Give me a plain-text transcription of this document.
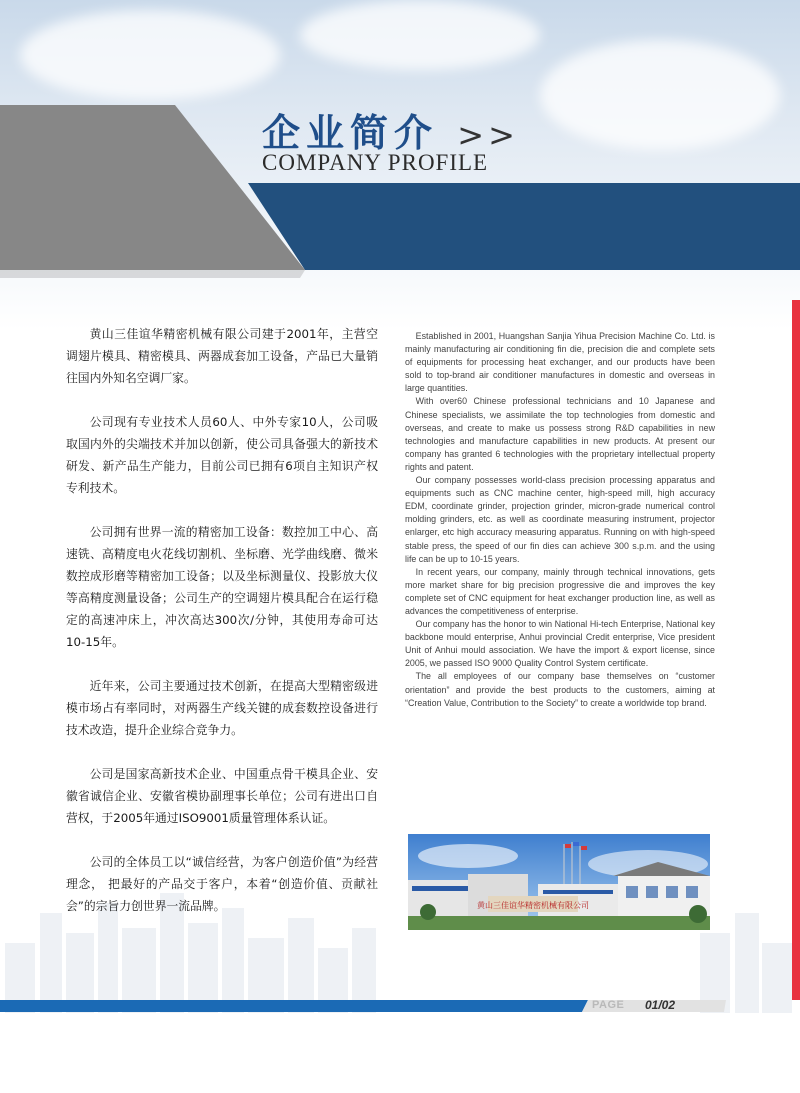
企业简介 >>
COMPANY PROFILE

黄山三佳谊华精密机械有限公司建于2001年，主营空调翅片模具、精密模具、两器成套加工设备，产品已大量销往国内外知名空调厂家。

公司现有专业技术人员60人、中外专家10人，公司吸取国内外的尖端技术并加以创新，使公司具备强大的新技术研发、新产品生产能力，目前公司已拥有6项自主知识产权专利技术。

公司拥有世界一流的精密加工设备：数控加工中心、高速铣、高精度电火花线切割机、坐标磨、光学曲线磨、微米数控成形磨等精密加工设备；以及坐标测量仪、投影放大仪等高精度测量设备；公司生产的空调翅片模具配合在运行稳定的高速冲床上，冲次高达300次/分钟，其使用寿命可达10-15年。

近年来，公司主要通过技术创新，在提高大型精密级进模市场占有率同时，对两器生产线关键的成套数控设备进行技术改造，提升企业综合竞争力。

公司是国家高新技术企业、中国重点骨干模具企业、安徽省诚信企业、安徽省模协副理事长单位；公司有进出口自营权，于2005年通过ISO9001质量管理体系认证。

公司的全体员工以“诚信经营，为客户创造价值”为经营理念， 把最好的产品交于客户，本着“创造价值、贡献社会”的宗旨力创世界一流品牌。

Established in 2001, Huangshan Sanjia Yihua Precision Machine Co. Ltd. is mainly manufacturing air conditioning fin die, precision die and complete sets of equipments for processing heat exchanger, and our products have been sold to top-brand air conditioner manufactures in domestic and overseas in large quantities.

With over60 Chinese professional technicians and 10 Japanese and Chinese specialists, we assimilate the top technologies from domestic and overseas, and create to make us possess strong R&D capabilities in new technologies and manufacture capabilities in new products. At present our company has granted 6 technologies with the proprietary intellectual property rights and patent.

Our company possesses world-class precision processing apparatus and equipments such as CNC machine center, high-speed mill, high accuracy EDM, coordinate grinder, projection grinder, micron-grade numerical control molding grinders, etc. as well as coordinate measuring instrument, projector enlarger, etc high accuracy measuring apparatus. Running on with high-speed stable press, the speed of our fin dies can achieve 300 s.p.m. and the using life can be up to 10-15 years.

In recent years, our company, mainly through technical innovations, gets more market share for big precision progressive die and improves the key complete set of CNC equipment for heat exchanger production line, as well as advances the competitiveness of enterprise.

Our company has the honor to win National Hi-tech Enterprise, National key backbone mould enterprise, Anhui provincial Credit enterprise, Vice president Unit of Anhui mould association. We have the import & export license, since 2005, we passed ISO 9000 Quality Control System certificate.

The all employees of our company base themselves on “customer orientation” and provide the best products to the customers, aiming at “Creation Value, Contribution to the Society” to create a worldwide top brand.

黄山三佳谊华精密机械有限公司
PAGE 01/02
